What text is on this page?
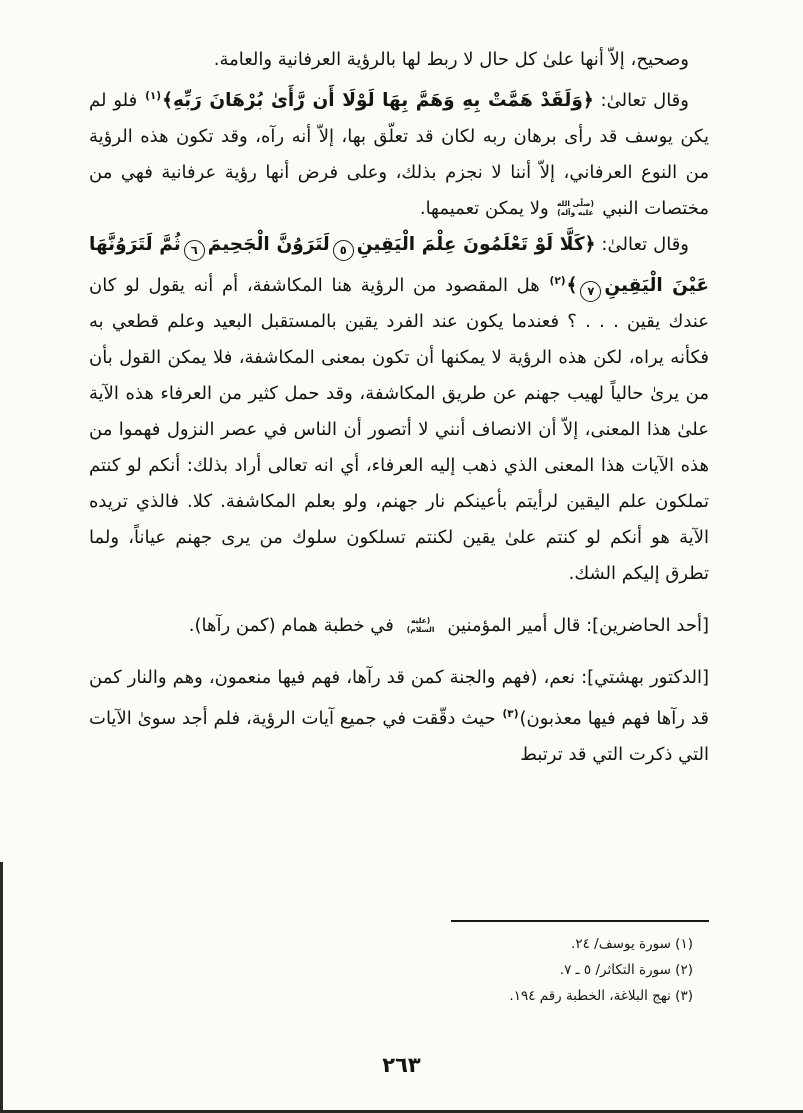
وصحيح، إلاّ أنها علىٰ كل حال لا ربط لها بالرؤية العرفانية والعامة.

وقال تعالىٰ: ﴿وَلَقَدْ هَمَّتْ بِهِ وَهَمَّ بِهَا لَوْلَا أَن رَّأَىٰ بُرْهَانَ رَبِّهِ﴾$^{(١)}$ فلو لم يكن يوسف قد رأى برهان ربه لكان قد تعلّق بها، إلاّ أنه رآه، وقد تكون هذه الرؤية من النوع العرفاني، إلاّ أننا لا نجزم بذلك، وعلى فرض أنها رؤية عرفانية فهي من مختصات النبي (صلّى الله عليه وآله) ولا يمكن تعميمها.

وقال تعالىٰ: ﴿كَلَّا لَوْ تَعْلَمُونَ عِلْمَ الْيَقِينِ٥لَتَرَوُنَّ الْجَحِيمَ٦ثُمَّ لَتَرَوُنَّهَا عَيْنَ الْيَقِينِ٧﴾$^{(٢)}$ هل المقصود من الرؤية هنا المكاشفة، أم أنه يقول لو كان عندك يقين . . . ؟ فعندما يكون عند الفرد يقين بالمستقبل البعيد وعلم قطعي به فكأنه يراه، لكن هذه الرؤية لا يمكنها أن تكون بمعنى المكاشفة، فلا يمكن القول بأن من يرىٰ حالياً لهيب جهنم عن طريق المكاشفة، وقد حمل كثير من العرفاء هذه الآية علىٰ هذا المعنى، إلاّ أن الانصاف أنني لا أتصور أن الناس في عصر النزول فهموا من هذه الآيات هذا المعنى الذي ذهب إليه العرفاء، أي انه تعالى أراد بذلك: أنكم لو كنتم تملكون علم اليقين لرأيتم بأعينكم نار جهنم، ولو بعلم المكاشفة. كلا. فالذي تريده الآية هو أنكم لو كنتم علىٰ يقين لكنتم تسلكون سلوك من يرى جهنم عياناً، ولما تطرق إليكم الشك.

[أحد الحاضرين]: قال أمير المؤمنين (عليه السلام) في خطبة همام (كمن رآها).

[الدكتور بهشتي]: نعم، (فهم والجنة كمن قد رآها، فهم فيها منعمون، وهم والنار كمن قد رآها فهم فيها معذبون)$^{(٣)}$ حيث دقّقت في جميع آيات الرؤية، فلم أجد سوىٰ الآيات التي ذكرت التي قد ترتبط

(١) سورة يوسف/ ٢٤.
(٢) سورة التكاثر/ ٥ ـ ٧.
(٣) نهج البلاغة، الخطبة رقم ١٩٤.
٢٦٣
